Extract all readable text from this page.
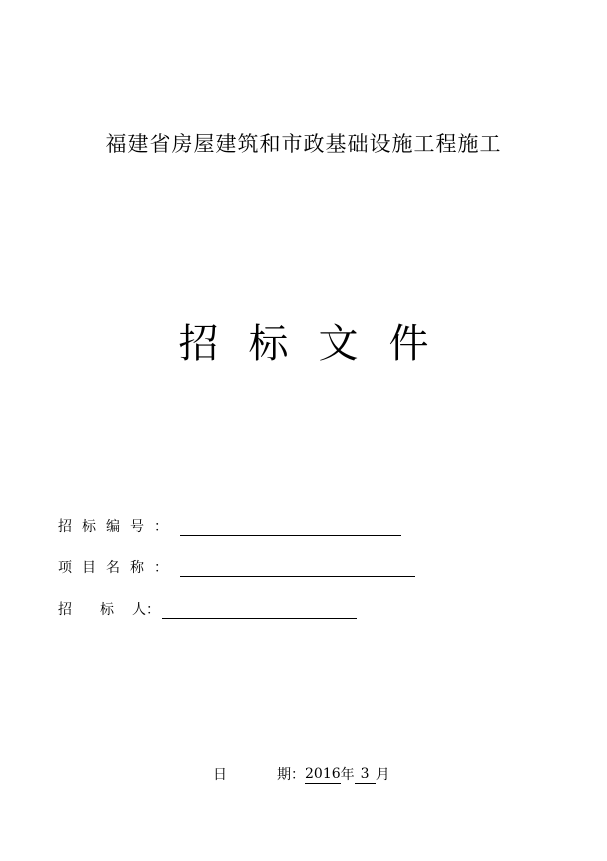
福建省房屋建筑和市政基础设施工程施工
招标文件
招标编号：
项目名称：
招 标 人：
日	期： 2016 年 3 月
